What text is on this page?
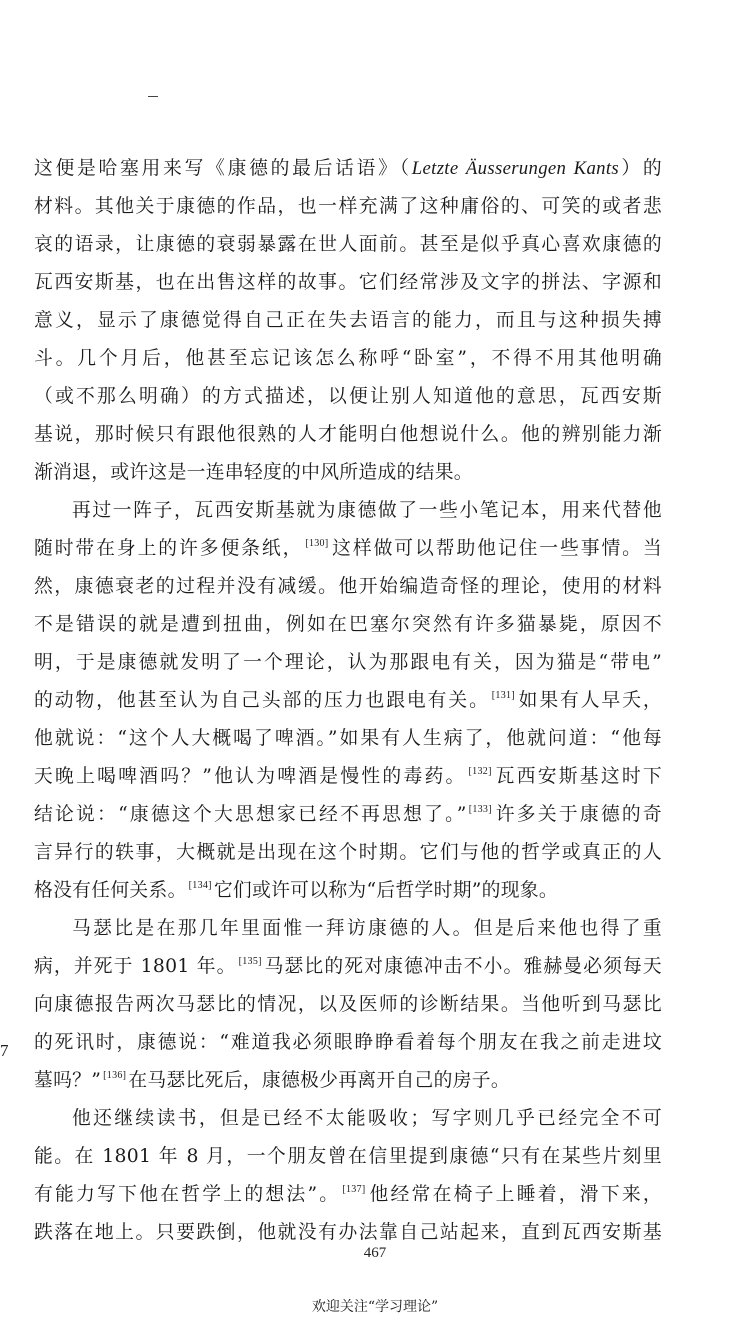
7
这便是哈塞用来写《康德的最后话语》（Letzte Äusserungen Kants）的
材料。其他关于康德的作品，也一样充满了这种庸俗的、可笑的或者悲
哀的语录，让康德的衰弱暴露在世人面前。甚至是似乎真心喜欢康德的
瓦西安斯基，也在出售这样的故事。它们经常涉及文字的拼法、字源和
意义，显示了康德觉得自己正在失去语言的能力，而且与这种损失搏
斗。几个月后，他甚至忘记该怎么称呼“卧室”，不得不用其他明确
（或不那么明确）的方式描述，以便让别人知道他的意思，瓦西安斯
基说，那时候只有跟他很熟的人才能明白他想说什么。他的辨别能力渐
渐消退，或许这是一连串轻度的中风所造成的结果。
再过一阵子，瓦西安斯基就为康德做了一些小笔记本，用来代替他
随时带在身上的许多便条纸， [130] 这样做可以帮助他记住一些事情。当
然，康德衰老的过程并没有减缓。他开始编造奇怪的理论，使用的材料
不是错误的就是遭到扭曲，例如在巴塞尔突然有许多猫暴毙，原因不
明，于是康德就发明了一个理论，认为那跟电有关，因为猫是“带电”
的动物，他甚至认为自己头部的压力也跟电有关。 [131] 如果有人早夭，
他就说：“这个人大概喝了啤酒。”如果有人生病了，他就问道：“他每
天晚上喝啤酒吗？”他认为啤酒是慢性的毒药。 [132] 瓦西安斯基这时下
结论说：“康德这个大思想家已经不再思想了。” [133] 许多关于康德的奇
言异行的轶事，大概就是出现在这个时期。它们与他的哲学或真正的人
格没有任何关系。 [134] 它们或许可以称为“后哲学时期”的现象。
马瑟比是在那几年里面惟一拜访康德的人。但是后来他也得了重
病，并死于 1801 年。 [135] 马瑟比的死对康德冲击不小。雅赫曼必须每天
向康德报告两次马瑟比的情况，以及医师的诊断结果。当他听到马瑟比
的死讯时，康德说：“难道我必须眼睁睁看着每个朋友在我之前走进坟
墓吗？” [136] 在马瑟比死后，康德极少再离开自己的房子。
他还继续读书，但是已经不太能吸收；写字则几乎已经完全不可
能。在 1801 年 8 月，一个朋友曾在信里提到康德“只有在某些片刻里
有能力写下他在哲学上的想法”。 [137] 他经常在椅子上睡着，滑下来，
跌落在地上。只要跌倒，他就没有办法靠自己站起来，直到瓦西安斯基
467
欢迎关注“学习理论”
